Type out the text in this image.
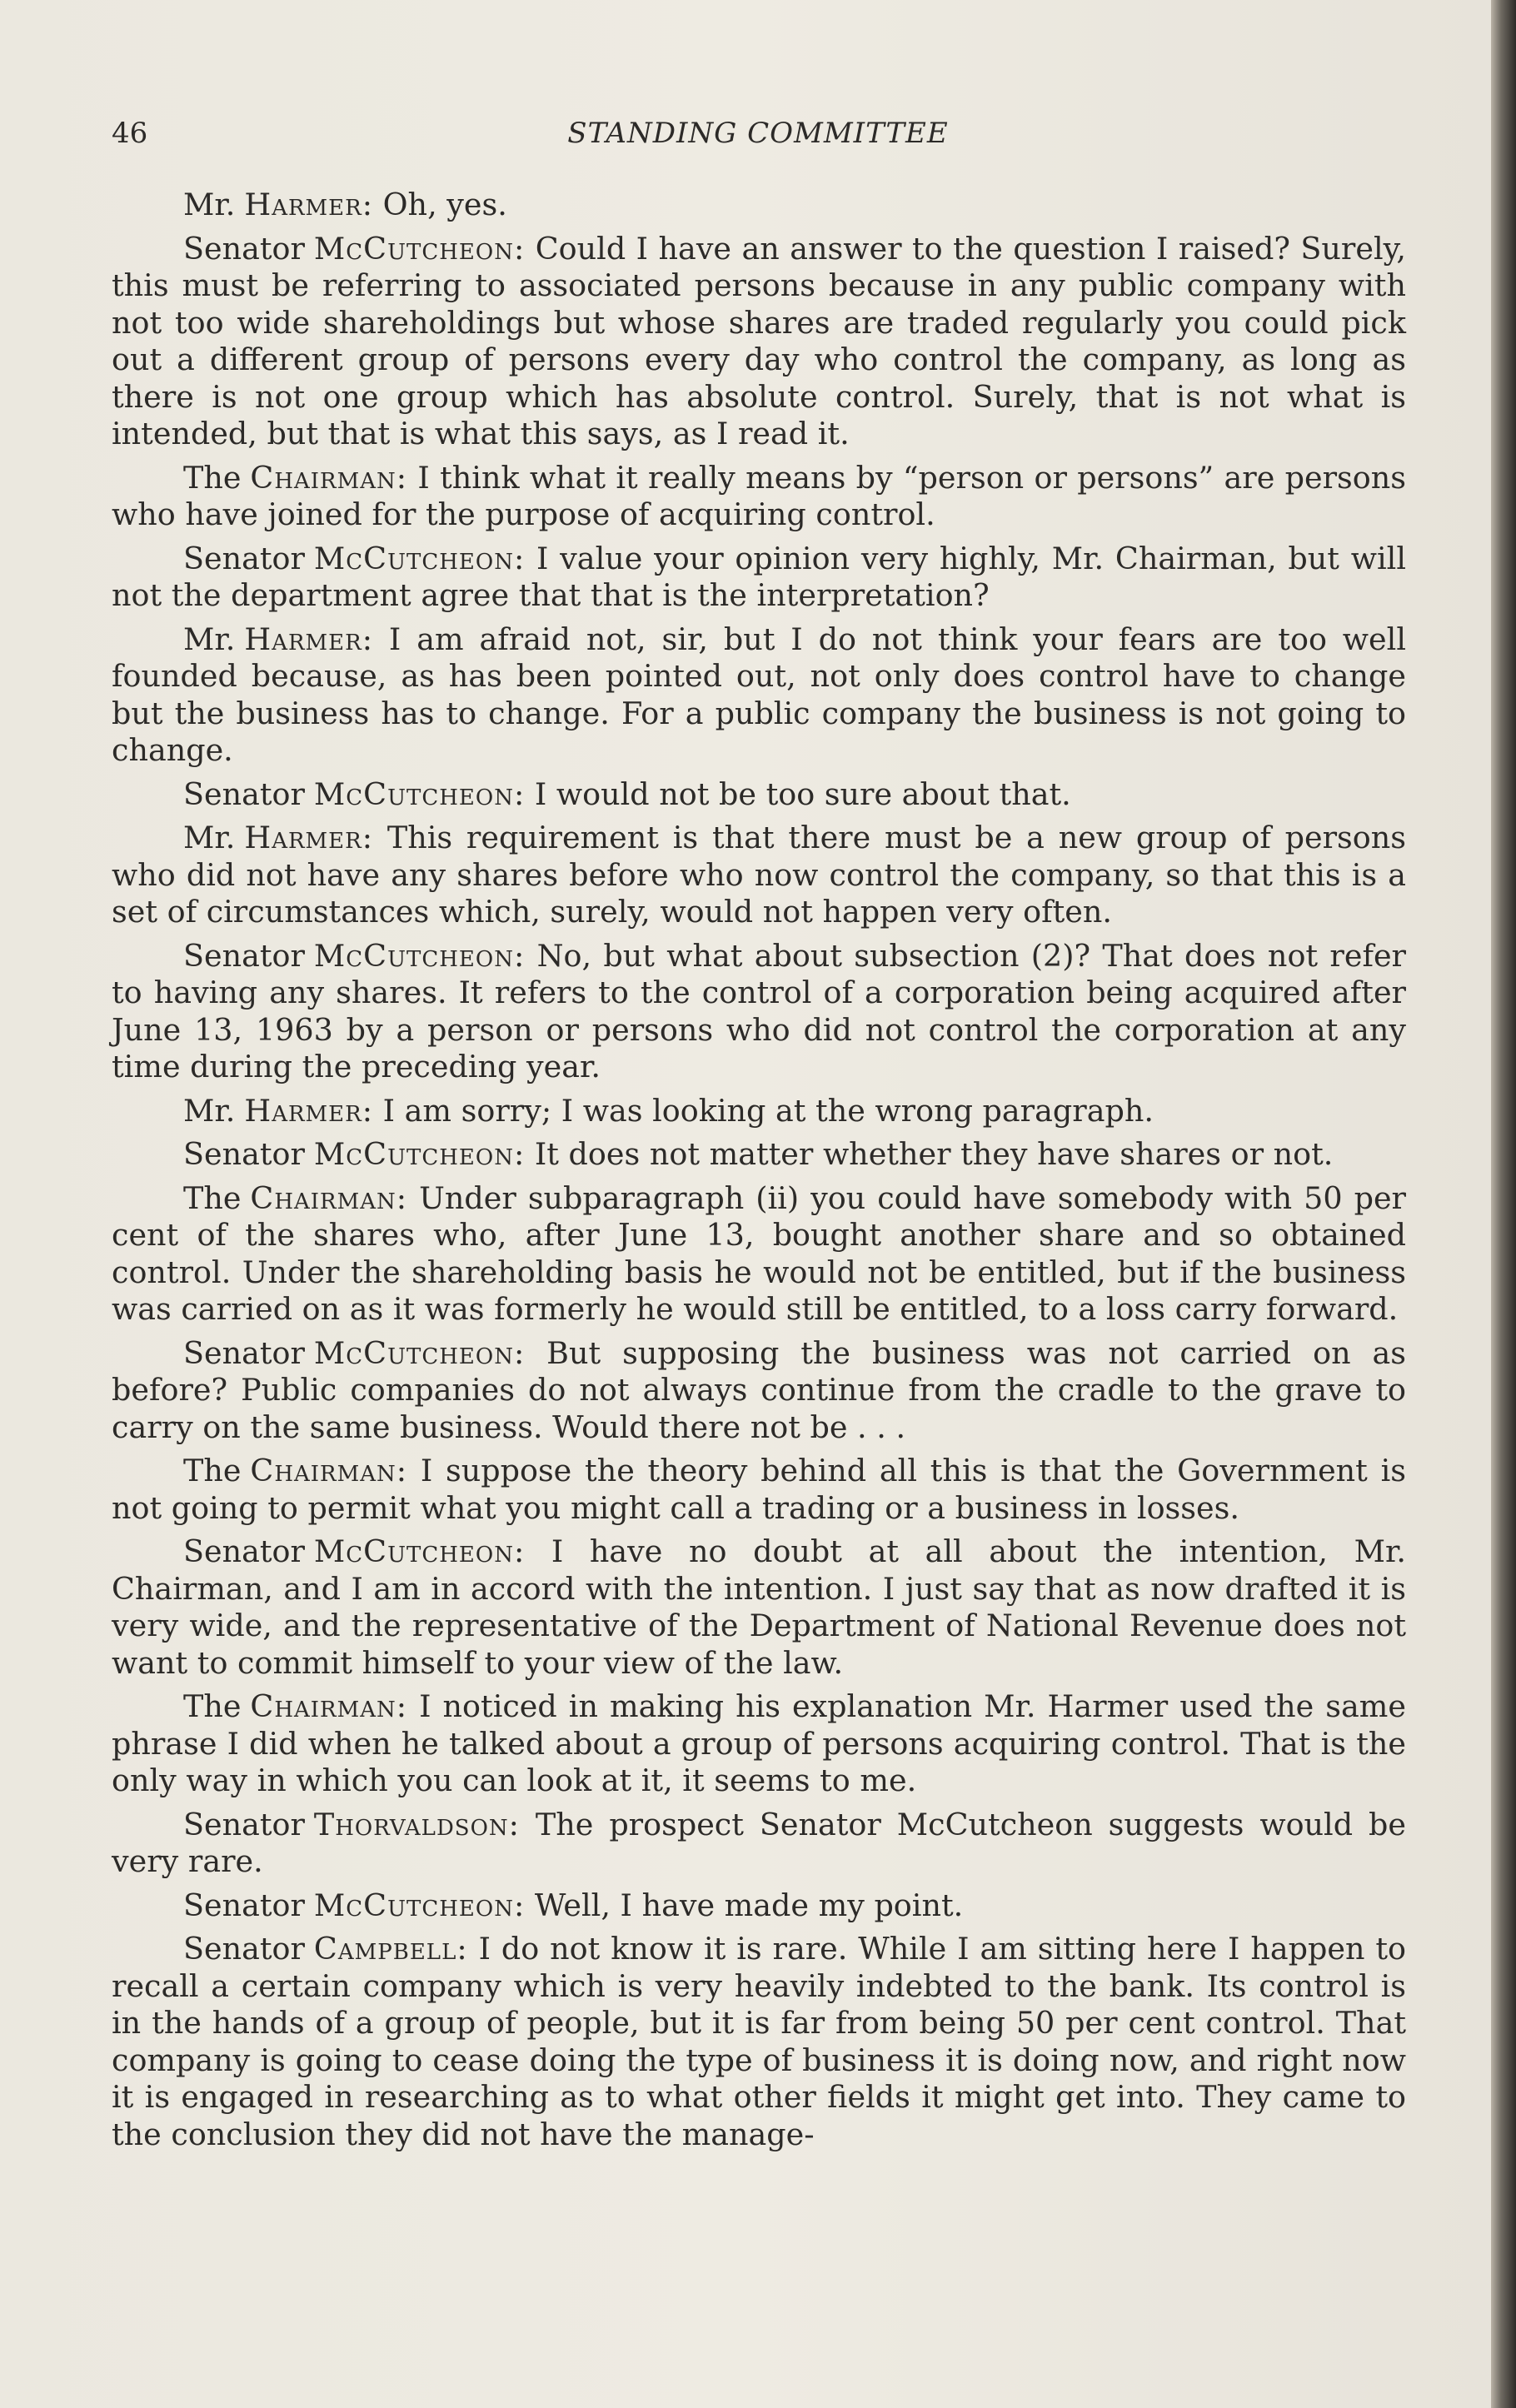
46	STANDING COMMITTEE

Mr. Harmer: Oh, yes.

Senator McCutcheon: Could I have an answer to the question I raised? Surely, this must be referring to associated persons because in any public company with not too wide shareholdings but whose shares are traded regularly you could pick out a different group of persons every day who control the company, as long as there is not one group which has absolute control. Surely, that is not what is intended, but that is what this says, as I read it.

The Chairman: I think what it really means by “person or persons” are persons who have joined for the purpose of acquiring control.

Senator McCutcheon: I value your opinion very highly, Mr. Chairman, but will not the department agree that that is the interpretation?

Mr. Harmer: I am afraid not, sir, but I do not think your fears are too well founded because, as has been pointed out, not only does control have to change but the business has to change. For a public company the business is not going to change.

Senator McCutcheon: I would not be too sure about that.

Mr. Harmer: This requirement is that there must be a new group of persons who did not have any shares before who now control the company, so that this is a set of circumstances which, surely, would not happen very often.

Senator McCutcheon: No, but what about subsection (2)? That does not refer to having any shares. It refers to the control of a corporation being acquired after June 13, 1963 by a person or persons who did not control the corporation at any time during the preceding year.

Mr. Harmer: I am sorry; I was looking at the wrong paragraph.

Senator McCutcheon: It does not matter whether they have shares or not.

The Chairman: Under subparagraph (ii) you could have somebody with 50 per cent of the shares who, after June 13, bought another share and so obtained control. Under the shareholding basis he would not be entitled, but if the business was carried on as it was formerly he would still be entitled, to a loss carry forward.

Senator McCutcheon: But supposing the business was not carried on as before? Public companies do not always continue from the cradle to the grave to carry on the same business. Would there not be . . .

The Chairman: I suppose the theory behind all this is that the Government is not going to permit what you might call a trading or a business in losses.

Senator McCutcheon: I have no doubt at all about the intention, Mr. Chairman, and I am in accord with the intention. I just say that as now drafted it is very wide, and the representative of the Department of National Revenue does not want to commit himself to your view of the law.

The Chairman: I noticed in making his explanation Mr. Harmer used the same phrase I did when he talked about a group of persons acquiring control. That is the only way in which you can look at it, it seems to me.

Senator Thorvaldson: The prospect Senator McCutcheon suggests would be very rare.

Senator McCutcheon: Well, I have made my point.

Senator Campbell: I do not know it is rare. While I am sitting here I happen to recall a certain company which is very heavily indebted to the bank. Its control is in the hands of a group of people, but it is far from being 50 per cent control. That company is going to cease doing the type of business it is doing now, and right now it is engaged in researching as to what other fields it might get into. They came to the conclusion they did not have the manage-
